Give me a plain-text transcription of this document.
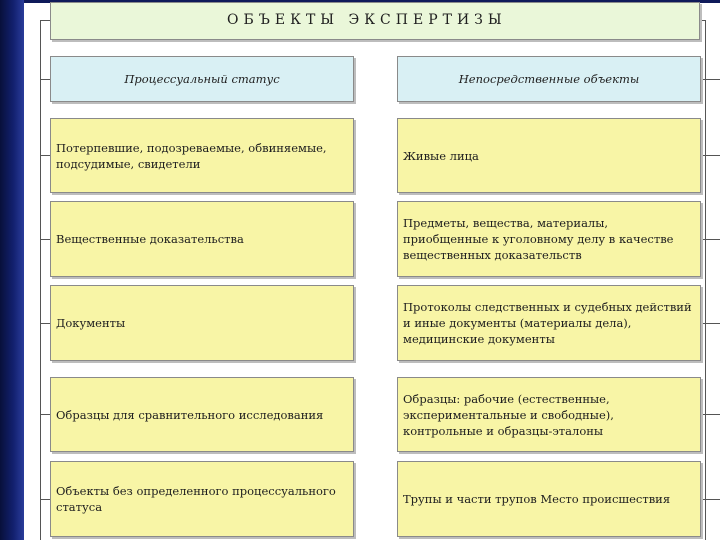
ОБЪЕКТЫ ЭКСПЕРТИЗЫ
Процессуальный статус	Непосредственные объекты
Потерпевшие, подозреваемые, обвиняемые, подсудимые, свидетели
Живые лица
Вещественные доказательства
Предметы, вещества, материалы, приобщенные к уголовному делу в качестве вещественных доказательств
Документы
Протоколы следственных и судебных действий и иные документы (материалы дела), медицинские документы
Образцы для сравнительного исследования
Образцы: рабочие (естественные, экспериментальные и свободные), контрольные и образцы-эталоны
Объекты без определенного процессуального статуса
Трупы и части трупов Место происшествия
